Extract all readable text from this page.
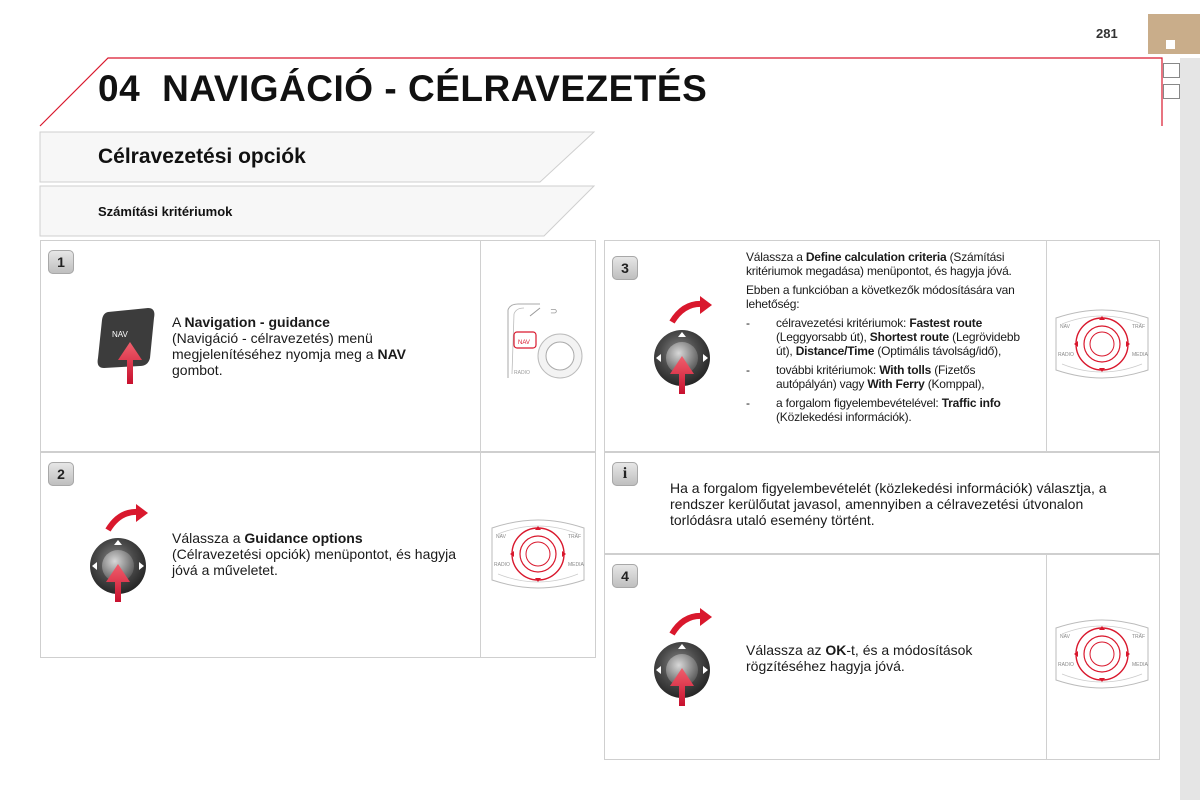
281
04 NAVIGÁCIÓ - CÉLRAVEZETÉS
Célravezetési opciók
Számítási kritériumok
1
NAV
A Navigation - guidance
(Navigáció - célravezetés) menü megjelenítéséhez nyomja meg a NAV gombot.
⊃
NAV
RADIO
2
Válassza a Guidance options
(Célravezetési opciók) menüpontot, és hagyja jóvá a műveletet.
NAV	TRAF
RADIO	MEDIA
3
Válassza a Define calculation criteria (Számítási kritériumok megadása) menüpontot, és hagyja jóvá.
Ebben a funkcióban a következők módosítására van lehetőség:
- célravezetési kritériumok: Fastest route (Leggyorsabb út), Shortest route (Legrövidebb út), Distance/Time (Optimális távolság/idő),
- további kritériumok: With tolls (Fizetős autópályán) vagy With Ferry (Komppal),
- a forgalom figyelembevételével: Traffic info (Közlekedési információk).
NAV	TRAF
RADIO	MEDIA
i
Ha a forgalom figyelembevételét (közlekedési információk) választja, a rendszer kerülőutat javasol, amennyiben a célravezetési útvonalon torlódásra utaló esemény történt.
4
Válassza az OK-t, és a módosítások rögzítéséhez hagyja jóvá.
NAV	TRAF
RADIO	MEDIA
